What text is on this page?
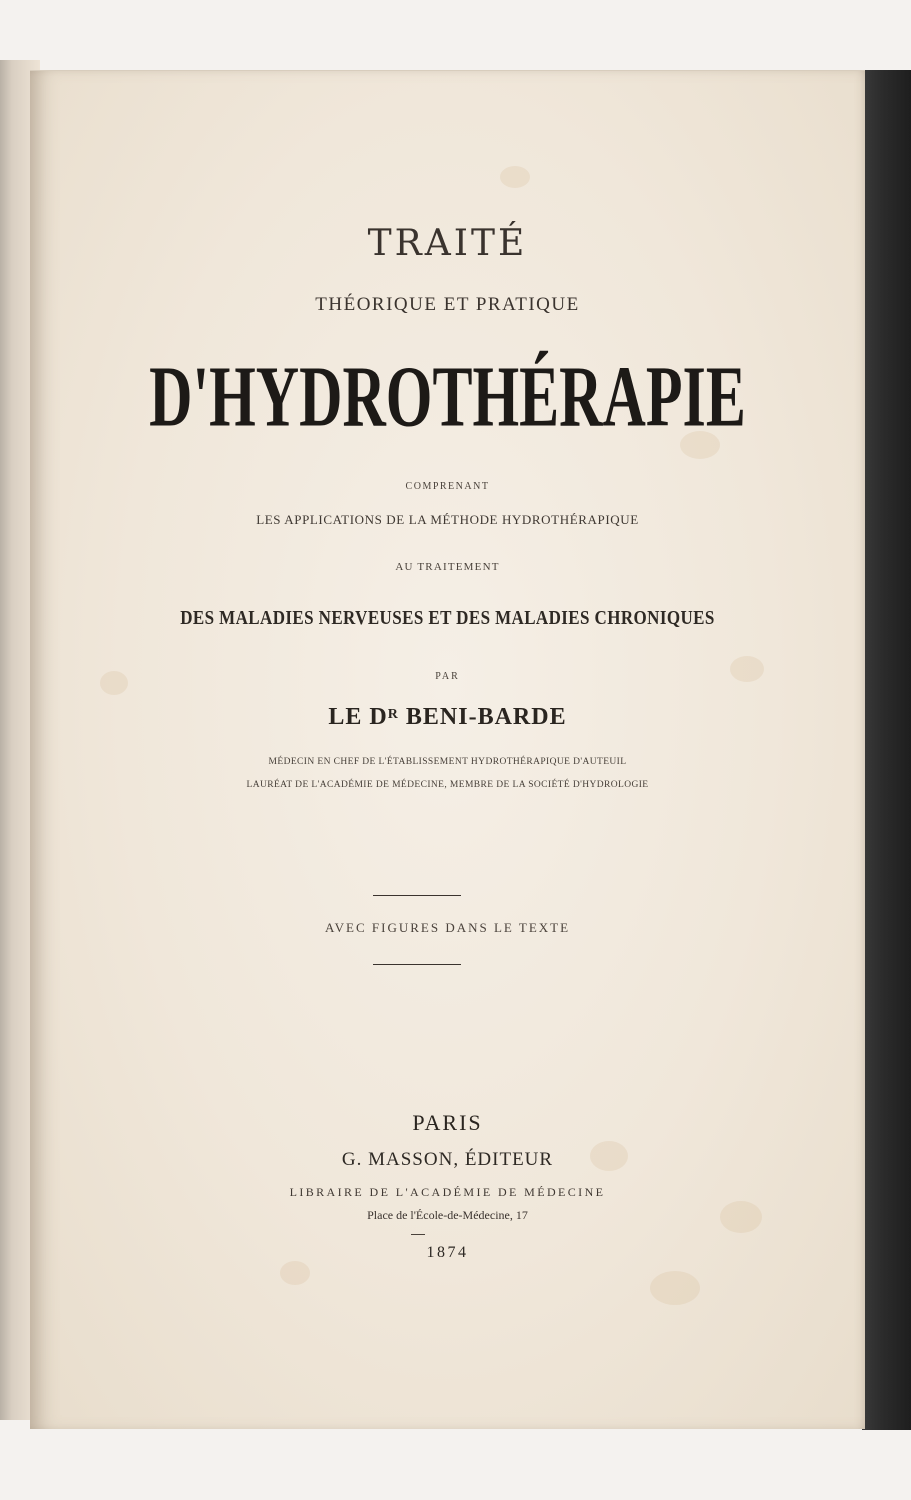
TRAITÉ
THÉORIQUE ET PRATIQUE
D'HYDROTHÉRAPIE
COMPRENANT
LES APPLICATIONS DE LA MÉTHODE HYDROTHÉRAPIQUE
AU TRAITEMENT
DES MALADIES NERVEUSES ET DES MALADIES CHRONIQUES
PAR
LE $D^R$ BENI-BARDE
MÉDECIN EN CHEF DE L'ÉTABLISSEMENT HYDROTHÉRAPIQUE D'AUTEUIL
LAURÉAT DE L'ACADÉMIE DE MÉDECINE, MEMBRE DE LA SOCIÉTÉ D'HYDROLOGIE
AVEC FIGURES DANS LE TEXTE
PARIS
G. MASSON, ÉDITEUR
LIBRAIRE DE L'ACADÉMIE DE MÉDECINE
Place de l'École-de-Médecine, 17
1874
